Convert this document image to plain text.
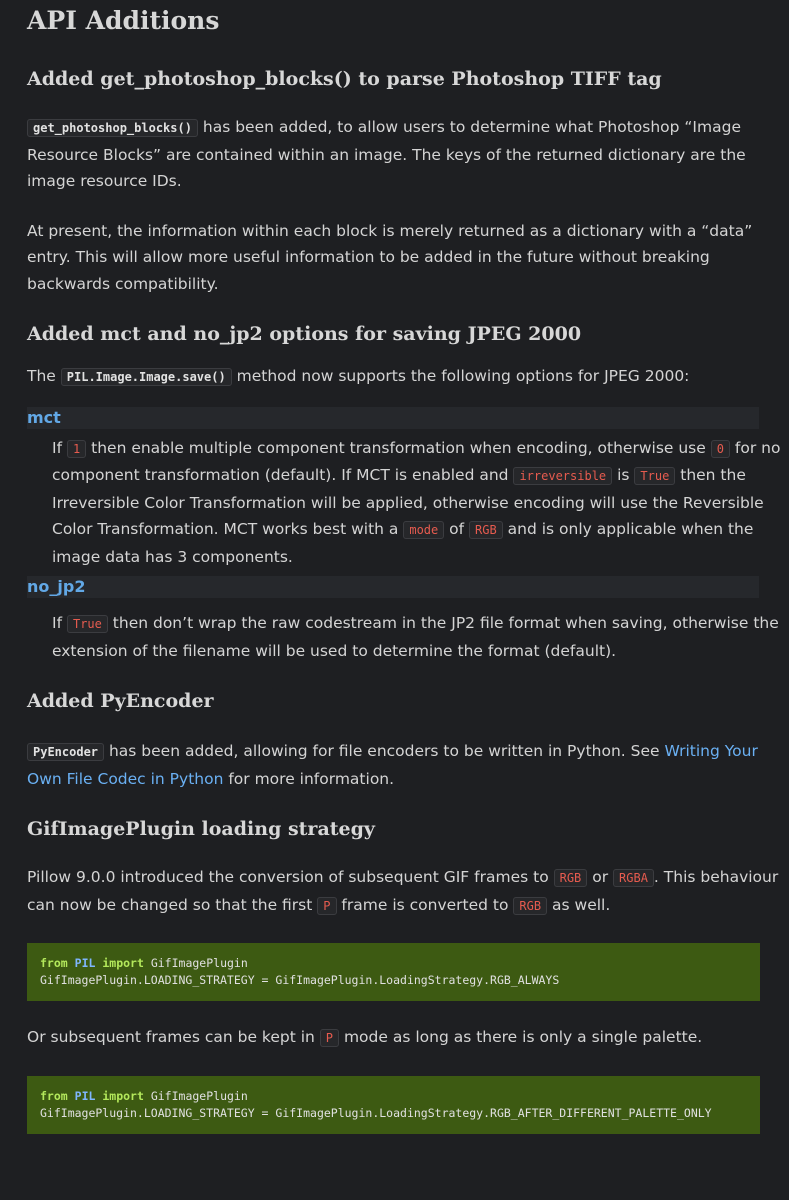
API Additions
Added get_photoshop_blocks() to parse Photoshop TIFF tag

get_photoshop_blocks() has been added, to allow users to determine what Photoshop “Image Resource Blocks” are contained within an image. The keys of the returned dictionary are the image resource IDs.

At present, the information within each block is merely returned as a dictionary with a “data” entry. This will allow more useful information to be added in the future without breaking backwards compatibility.

Added mct and no_jp2 options for saving JPEG 2000

The PIL.Image.Image.save() method now supports the following options for JPEG 2000:

mct

If 1 then enable multiple component transformation when encoding, otherwise use 0 for no component transformation (default). If MCT is enabled and irreversible is True then the Irreversible Color Transformation will be applied, otherwise encoding will use the Reversible Color Transformation. MCT works best with a mode of RGB and is only applicable when the image data has 3 components.

no_jp2

If True then don’t wrap the raw codestream in the JP2 file format when saving, otherwise the extension of the filename will be used to determine the format (default).

Added PyEncoder

PyEncoder has been added, allowing for file encoders to be written in Python. See Writing Your Own File Codec in Python for more information.

GifImagePlugin loading strategy

Pillow 9.0.0 introduced the conversion of subsequent GIF frames to RGB or RGBA . This behaviour can now be changed so that the first P frame is converted to RGB as well.

from PIL import GifImagePlugin
GifImagePlugin.LOADING_STRATEGY = GifImagePlugin.LoadingStrategy.RGB_ALWAYS

Or subsequent frames can be kept in P mode as long as there is only a single palette.

from PIL import GifImagePlugin
GifImagePlugin.LOADING_STRATEGY = GifImagePlugin.LoadingStrategy.RGB_AFTER_DIFFERENT_PALETTE_ONLY
